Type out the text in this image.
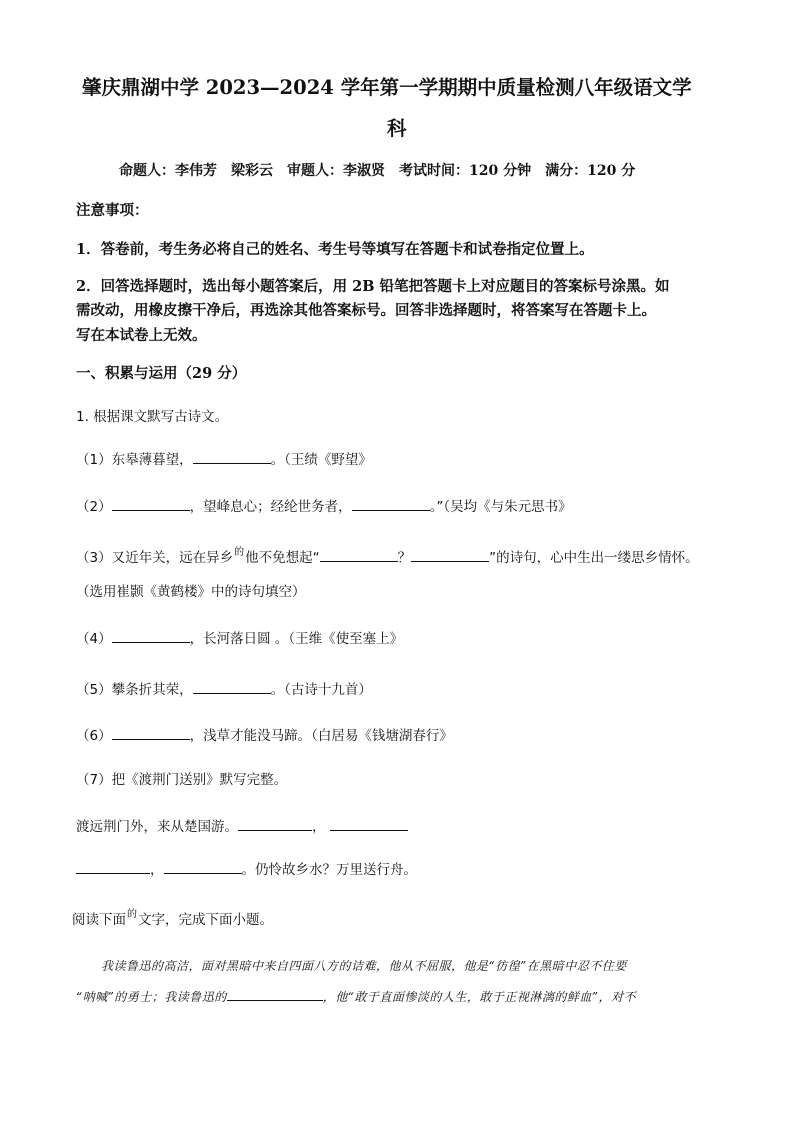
肇庆鼎湖中学 2023—2024 学年第一学期期中质量检测八年级语文学
科
命题人：李伟芳　梁彩云　审题人：李淑贤　考试时间：120 分钟　满分：120 分
注意事项：
1．答卷前，考生务必将自己的姓名、考生号等填写在答题卡和试卷指定位置上。
2．回答选择题时，选出每小题答案后，用 2B 铅笔把答题卡上对应题目的答案标号涂黑。如
需改动，用橡皮擦干净后，再选涂其他答案标号。回答非选择题时，将答案写在答题卡上。
写在本试卷上无效。
一、积累与运用（29 分）
1. 根据课文默写古诗文。
（1）东皋薄暮望，	。（王绩《野望》
（2）	，望峰息心；经纶世务者，	。”（吴均《与朱元思书》
（3）又近年关，远在异乡$^的$他不免想起“	？	”的诗句，心中生出一缕思乡情怀。
（选用崔颢《黄鹤楼》中的诗句填空）
（4）	，长河落日圆 。（王维《使至塞上》
（5）攀条折其荣，	。（古诗十九首）
（6）	，浅草才能没马蹄。（白居易《钱塘湖春行》
（7）把《渡荆门送别》默写完整。
渡远荆门外，来从楚国游。	，
，	。仍怜故乡水？万里送行舟。
阅读下面$^的$文字，完成下面小题。
我读鲁迅的高洁，面对黑暗中来自四面八方的诘难，他从不屈服，他是“彷徨”在黑暗中忍不住要
“呐喊”的勇士；我读鲁迅的	，他“敢于直面惨淡的人生，敢于正视淋漓的鲜血”，对不
